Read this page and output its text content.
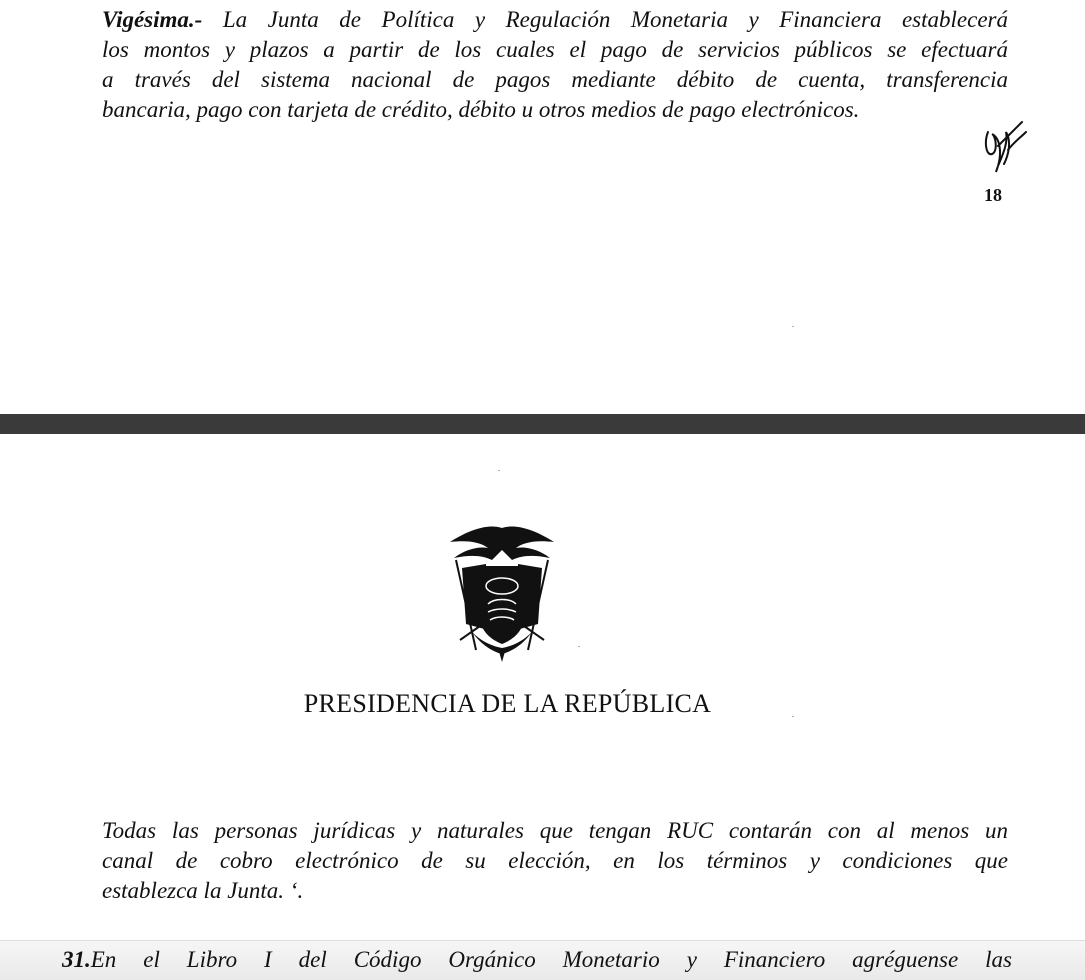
Vigésima.- La Junta de Política y Regulación Monetaria y Financiera establecerá
los montos y plazos a partir de los cuales el pago de servicios públicos se efectuará
a través del sistema nacional de pagos mediante débito de cuenta, transferencia
bancaria, pago con tarjeta de crédito, débito u otros medios de pago electrónicos.

18
PRESIDENCIA DE LA REPÚBLICA

Todas las personas jurídicas y naturales que tengan RUC contarán con al menos un
canal de cobro electrónico de su elección, en los términos y condiciones que
establezca la Junta. ‘.

31.En el Libro I del Código Orgánico Monetario y Financiero agréguense las
